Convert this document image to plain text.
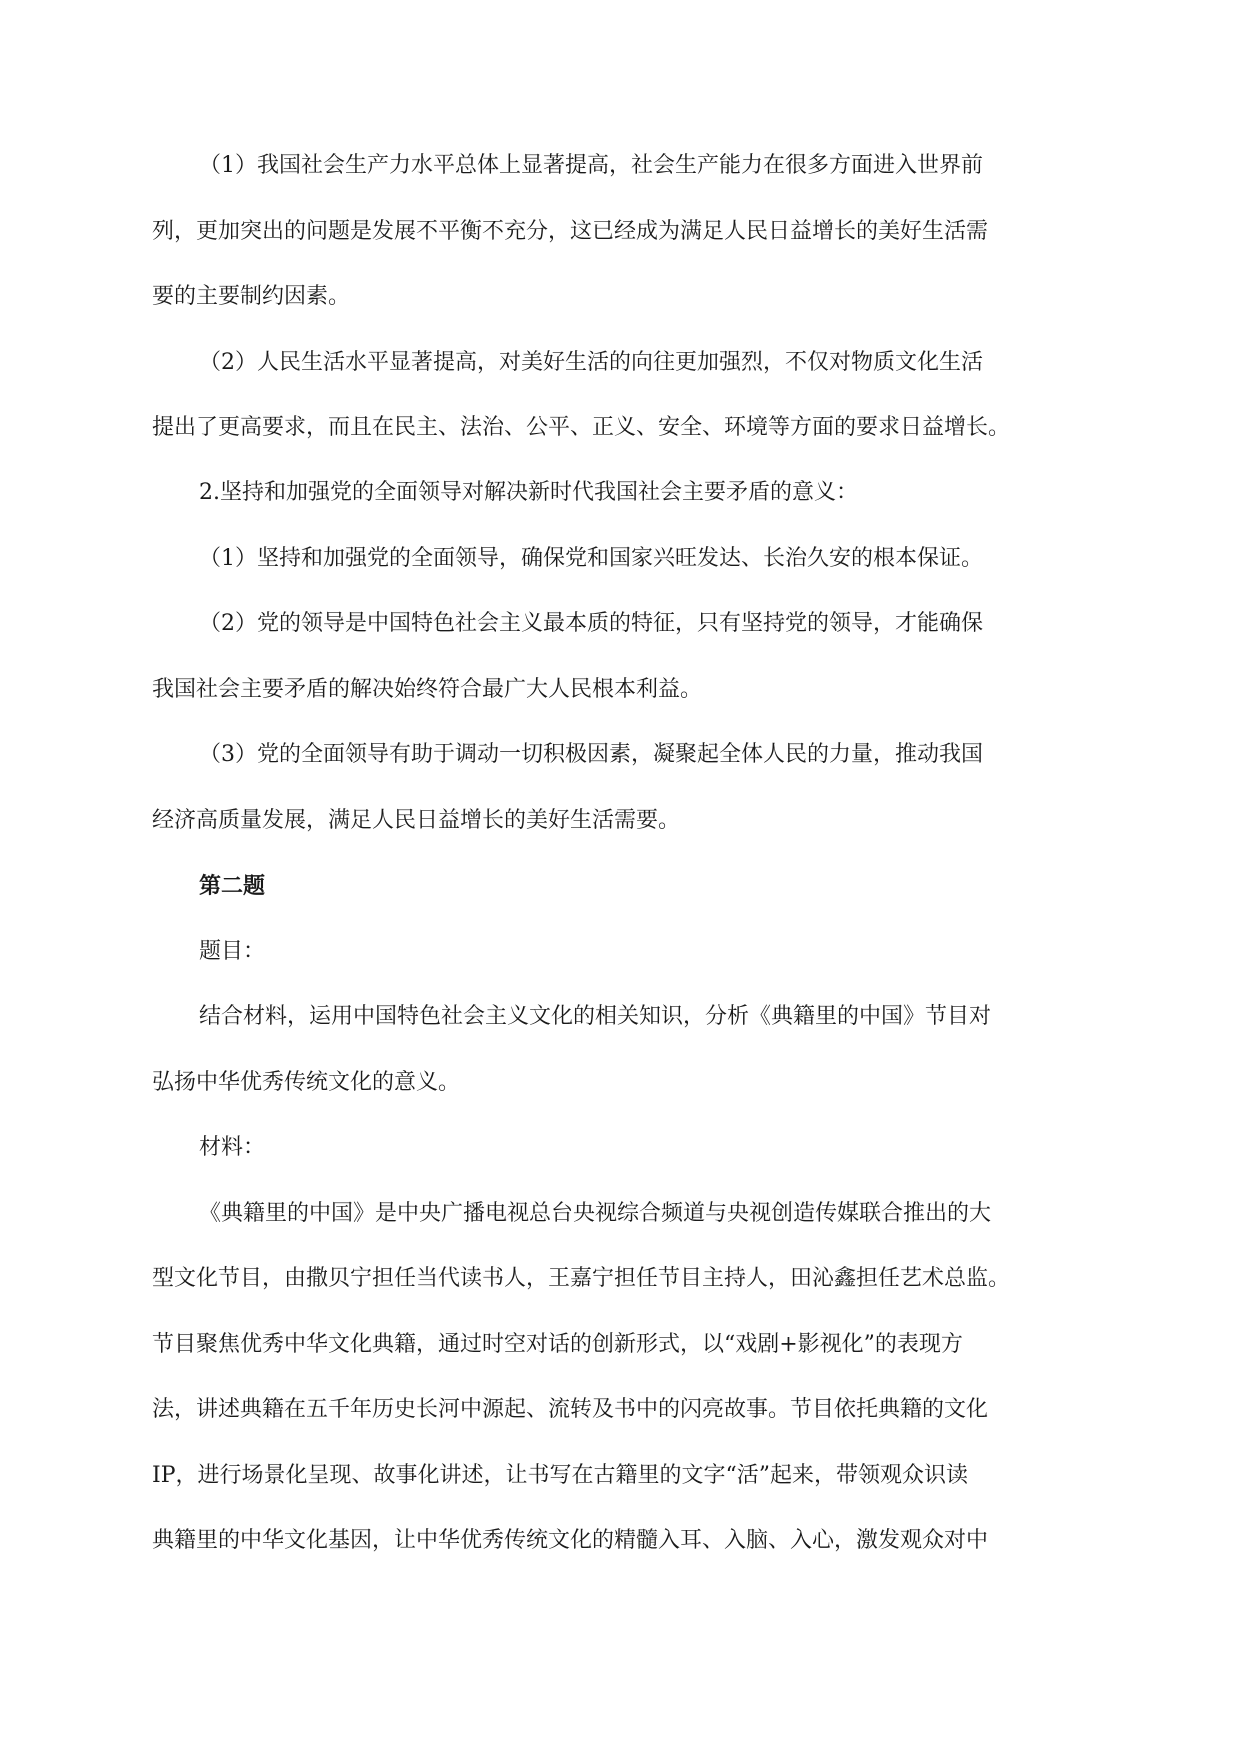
（1）我国社会生产力水平总体上显著提高，社会生产能力在很多方面进入世界前

列，更加突出的问题是发展不平衡不充分，这已经成为满足人民日益增长的美好生活需

要的主要制约因素。

（2）人民生活水平显著提高，对美好生活的向往更加强烈，不仅对物质文化生活

提出了更高要求，而且在民主、法治、公平、正义、安全、环境等方面的要求日益增长。

2.坚持和加强党的全面领导对解决新时代我国社会主要矛盾的意义：

（1）坚持和加强党的全面领导，确保党和国家兴旺发达、长治久安的根本保证。

（2）党的领导是中国特色社会主义最本质的特征，只有坚持党的领导，才能确保

我国社会主要矛盾的解决始终符合最广大人民根本利益。

（3）党的全面领导有助于调动一切积极因素，凝聚起全体人民的力量，推动我国

经济高质量发展，满足人民日益增长的美好生活需要。

第二题

题目：

结合材料，运用中国特色社会主义文化的相关知识，分析《典籍里的中国》节目对

弘扬中华优秀传统文化的意义。

材料：

《典籍里的中国》是中央广播电视总台央视综合频道与央视创造传媒联合推出的大

型文化节目，由撒贝宁担任当代读书人，王嘉宁担任节目主持人，田沁鑫担任艺术总监。

节目聚焦优秀中华文化典籍，通过时空对话的创新形式，以“戏剧+影视化”的表现方

法，讲述典籍在五千年历史长河中源起、流转及书中的闪亮故事。节目依托典籍的文化

IP，进行场景化呈现、故事化讲述，让书写在古籍里的文字“活”起来，带领观众识读

典籍里的中华文化基因，让中华优秀传统文化的精髓入耳、入脑、入心，激发观众对中
